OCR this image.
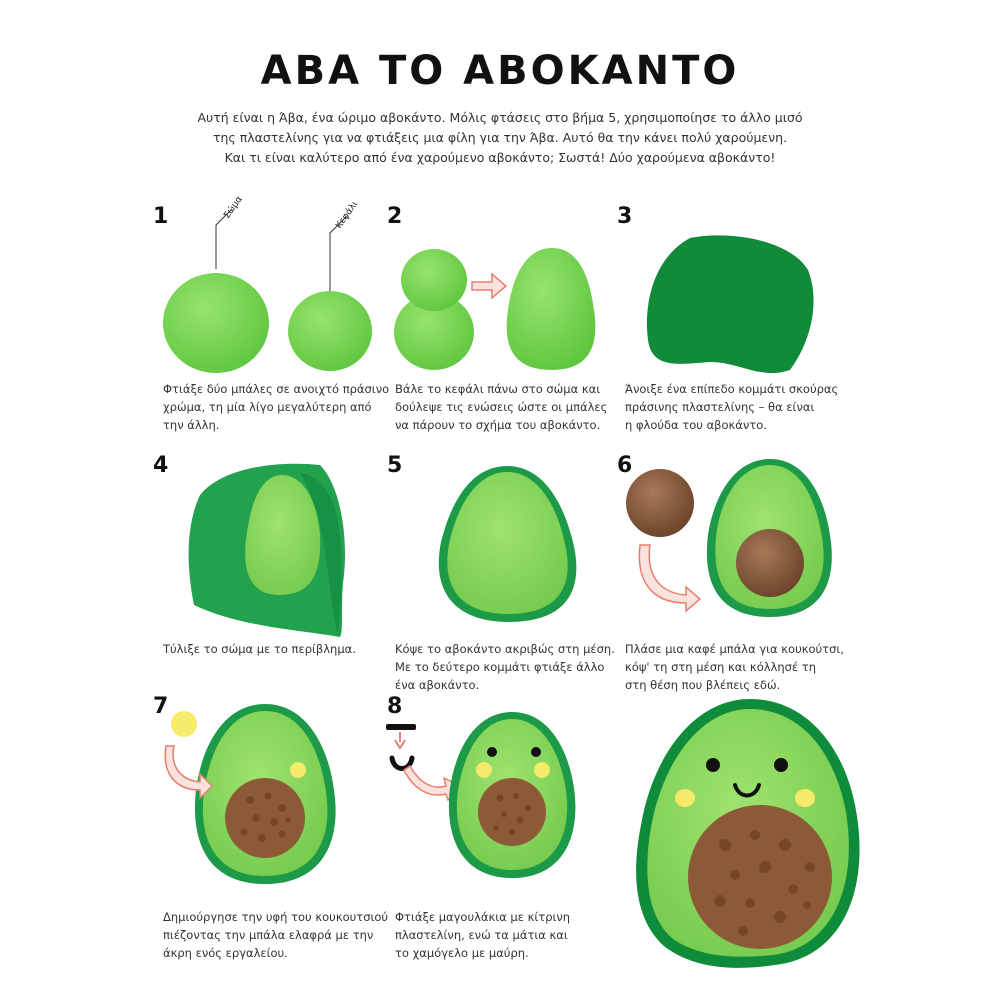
ΑΒΑ ΤΟ ΑΒΟΚΑΝΤΟ
Αυτή είναι η Άβα, ένα ώριμο αβοκάντο. Μόλις φτάσεις στο βήμα 5, χρησιμοποίησε το άλλο μισό
της πλαστελίνης για να φτιάξεις μια φίλη για την Άβα. Αυτό θα την κάνει πολύ χαρούμενη.
Και τι είναι καλύτερο από ένα χαρούμενο αβοκάντο; Σωστά! Δύο χαρούμενα αβοκάντο!
1	Σώμα	Κεφάλι
Φτιάξε δύο μπάλες σε ανοιχτό πράσινο
χρώμα, τη μία λίγο μεγαλύτερη από
την άλλη.
2
Βάλε το κεφάλι πάνω στο σώμα και
δούλεψε τις ενώσεις ώστε οι μπάλες
να πάρουν το σχήμα του αβοκάντο.
3
Άνοιξε ένα επίπεδο κομμάτι σκούρας
πράσινης πλαστελίνης – θα είναι
η φλούδα του αβοκάντο.
4
Τύλιξε το σώμα με το περίβλημα.
5
Κόψε το αβοκάντο ακριβώς στη μέση.
Με το δεύτερο κομμάτι φτιάξε άλλο
ένα αβοκάντο.
6
Πλάσε μια καφέ μπάλα για κουκούτσι,
κόψ' τη στη μέση και κόλλησέ τη
στη θέση που βλέπεις εδώ.
7
Δημιούργησε την υφή του κουκουτσιού
πιέζοντας την μπάλα ελαφρά με την
άκρη ενός εργαλείου.
8
Φτιάξε μαγουλάκια με κίτρινη
πλαστελίνη, ενώ τα μάτια και
το χαμόγελο με μαύρη.
